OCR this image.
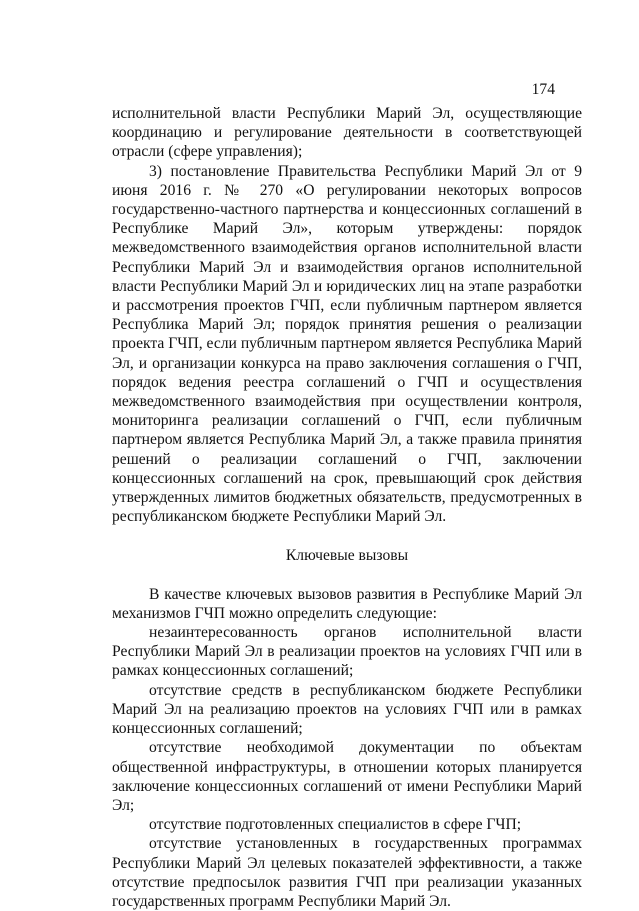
174

исполнительной власти Республики Марий Эл, осуществляющие координацию и регулирование деятельности в соответствующей отрасли (сфере управления);

3) постановление Правительства Республики Марий Эл от 9 июня 2016 г. № 270 «О регулировании некоторых вопросов государственно-частного партнерства и концессионных соглашений в Республике Марий Эл», которым утверждены: порядок межведомственного взаимодействия органов исполнительной власти Республики Марий Эл и взаимодействия органов исполнительной власти Республики Марий Эл и юридических лиц на этапе разработки и рассмотрения проектов ГЧП, если публичным партнером является Республика Марий Эл; порядок принятия решения о реализации проекта ГЧП, если публичным партнером является Республика Марий Эл, и организации конкурса на право заключения соглашения о ГЧП, порядок ведения реестра соглашений о ГЧП и осуществления межведомственного взаимодействия при осуществлении контроля, мониторинга реализации соглашений о ГЧП, если публичным партнером является Республика Марий Эл, а также правила принятия решений о реализации соглашений о ГЧП, заключении концессионных соглашений на срок, превышающий срок действия утвержденных лимитов бюджетных обязательств, предусмотренных в республиканском бюджете Республики Марий Эл.

Ключевые вызовы

В качестве ключевых вызовов развития в Республике Марий Эл механизмов ГЧП можно определить следующие:

незаинтересованность органов исполнительной власти Республики Марий Эл в реализации проектов на условиях ГЧП или в рамках концессионных соглашений;

отсутствие средств в республиканском бюджете Республики Марий Эл на реализацию проектов на условиях ГЧП или в рамках концессионных соглашений;

отсутствие необходимой документации по объектам общественной инфраструктуры, в отношении которых планируется заключение концессионных соглашений от имени Республики Марий Эл;

отсутствие подготовленных специалистов в сфере ГЧП;

отсутствие установленных в государственных программах Республики Марий Эл целевых показателей эффективности, а также отсутствие предпосылок развития ГЧП при реализации указанных государственных программ Республики Марий Эл.
